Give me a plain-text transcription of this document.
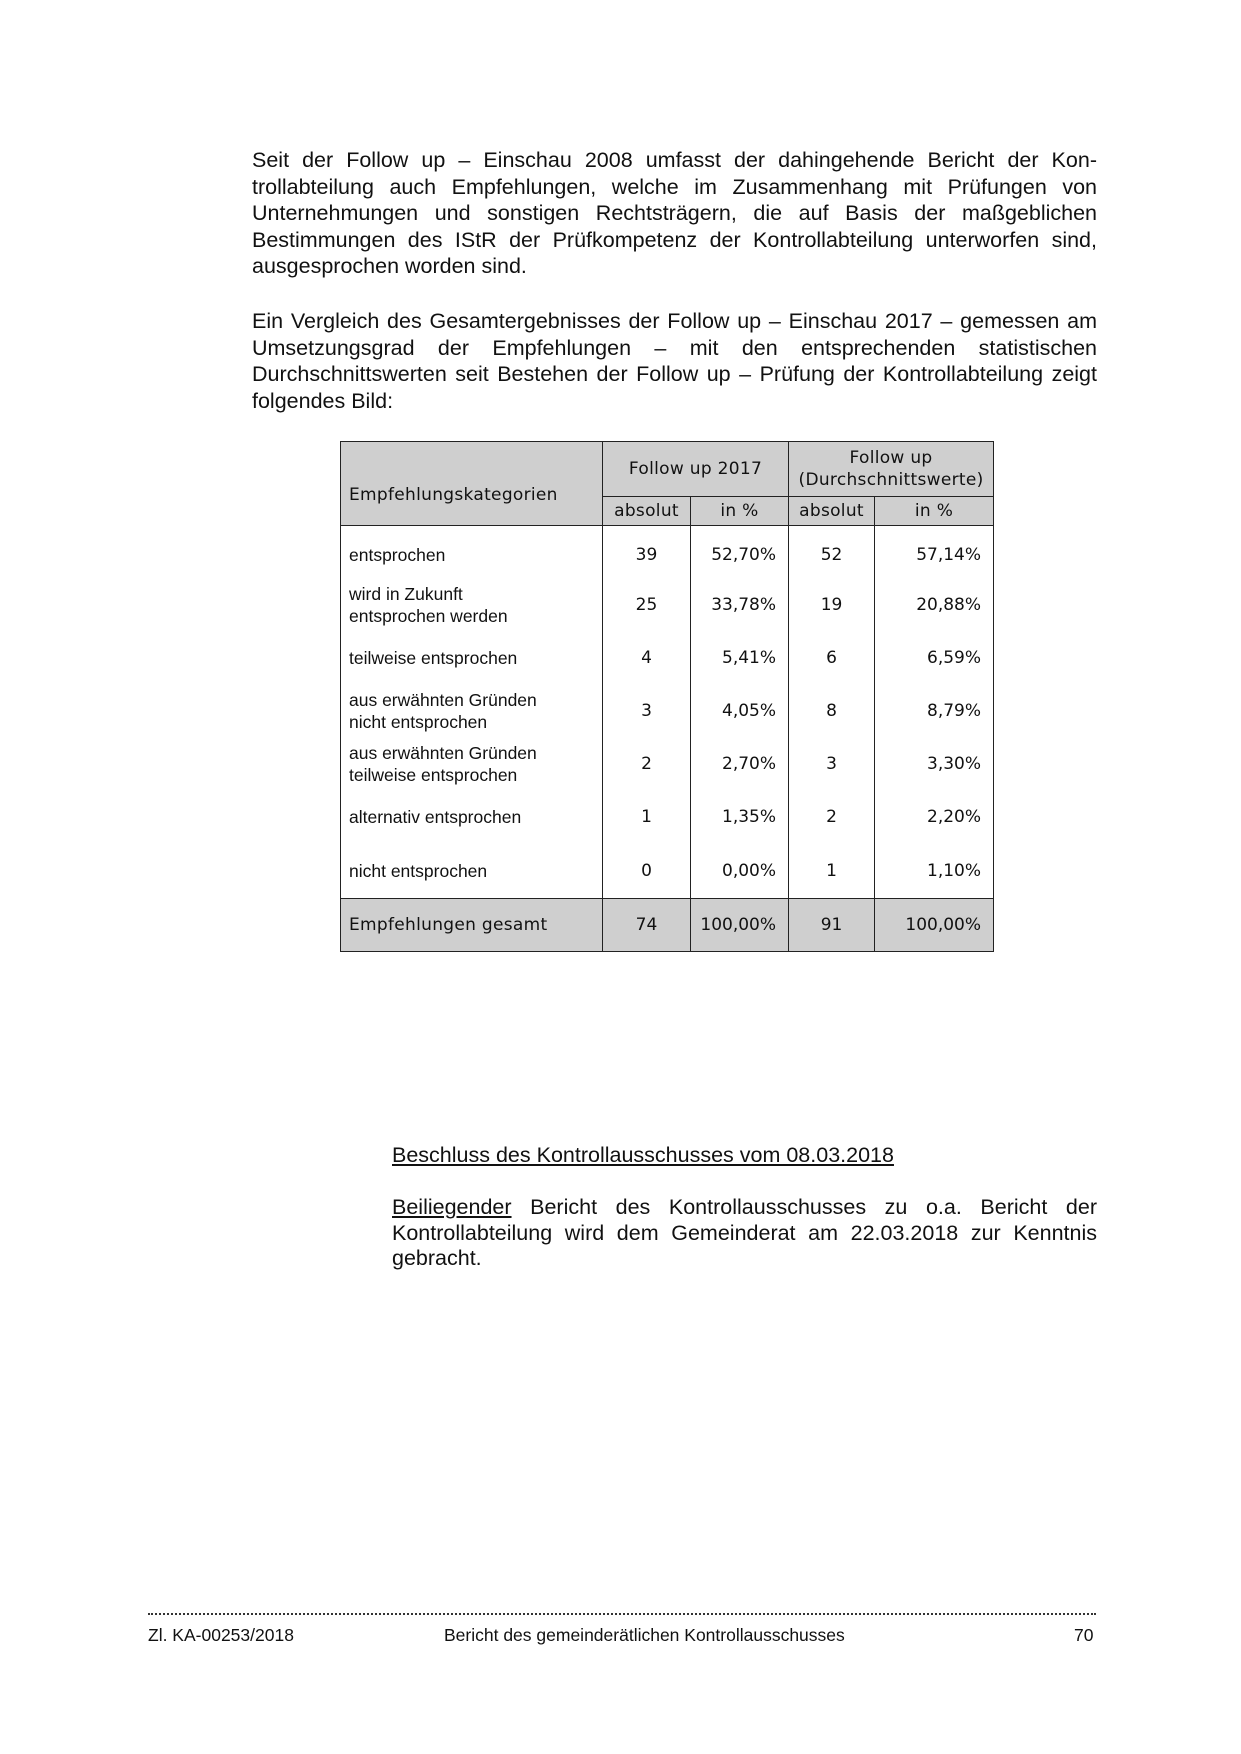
Seit der Follow up – Einschau 2008 umfasst der dahingehende Bericht der Kontrollabteilung auch Empfehlungen, welche im Zusammenhang mit Prüfungen von Unternehmungen und sonstigen Rechtsträgern, die auf Basis der maßgeblichen Bestimmungen des IStR der Prüfkompetenz der Kontrollabteilung unterworfen sind, ausgesprochen worden sind.

Ein Vergleich des Gesamtergebnisses der Follow up – Einschau 2017 – gemessen am Umsetzungsgrad der Empfehlungen – mit den entsprechenden statistischen Durchschnittswerten seit Bestehen der Follow up – Prüfung der Kontrollabteilung zeigt folgendes Bild:

Empfehlungskategorien	Follow up 2017		Follow up
(Durchschnittswerte)	

	absolut	in %	absolut	in %

entsprochen	39	52,70%	52	57,14%

wird in Zukunft
entsprochen werden	25	33,78%	19	20,88%

teilweise entsprochen	4	5,41%	6	6,59%

aus erwähnten Gründen
nicht entsprochen	3	4,05%	8	8,79%

aus erwähnten Gründen
teilweise entsprochen	2	2,70%	3	3,30%

alternativ entsprochen	1	1,35%	2	2,20%

nicht entsprochen	0	0,00%	1	1,10%
Empfehlungen gesamt	74	100,00%	91	100,00%

Beschluss des Kontrollausschusses vom 08.03.2018

Beiliegender Bericht des Kontrollausschusses zu o.a. Bericht der Kontrollabteilung wird dem Gemeinderat am 22.03.2018 zur Kenntnis gebracht.

Zl. KA-00253/2018	Bericht des gemeinderätlichen Kontrollausschusses	70
